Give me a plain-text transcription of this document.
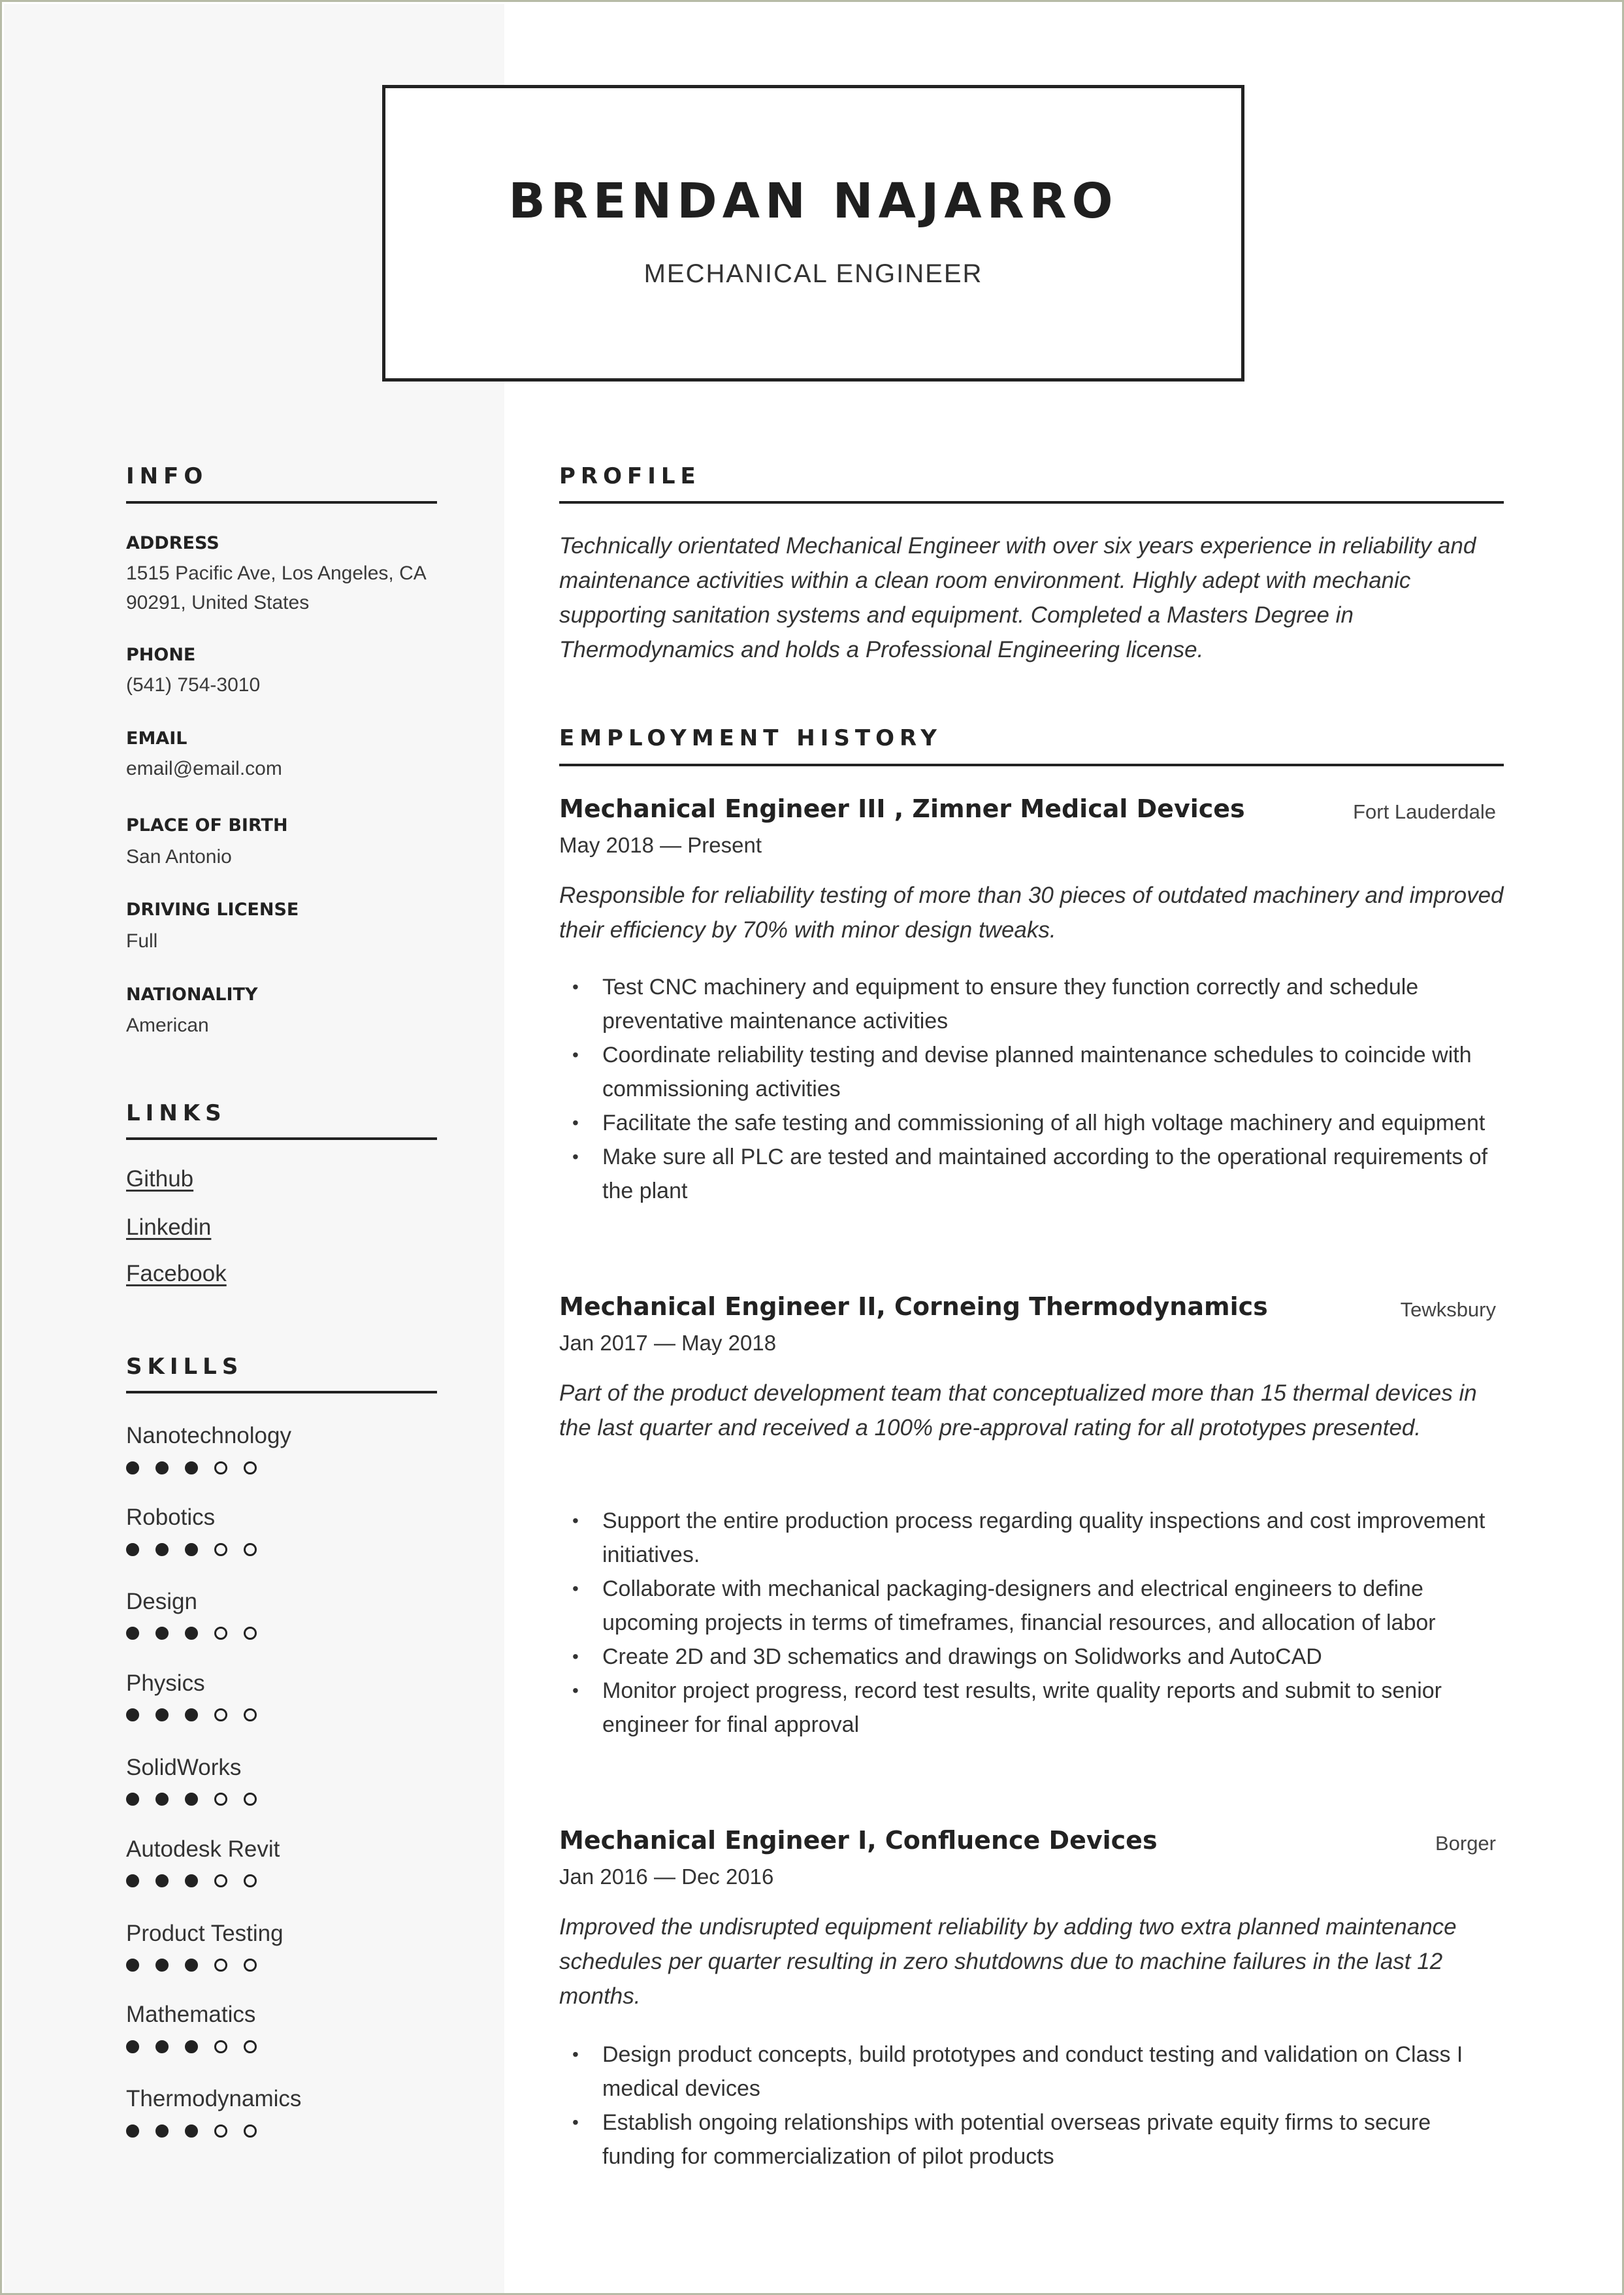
BRENDAN NAJARRO

MECHANICAL ENGINEER

INFO

ADDRESS

1515 Pacific Ave, Los Angeles, CA

90291, United States

PHONE

(541) 754-3010

EMAIL

email@email.com

PLACE OF BIRTH

San Antonio

DRIVING LICENSE

Full

NATIONALITY

American

LINKS

Github
Linkedin
Facebook

SKILLS

Nanotechnology

Robotics

Design

Physics

SolidWorks

Autodesk Revit

Product Testing

Mathematics

Thermodynamics

PROFILE

Technically orientated Mechanical Engineer with over six years experience in reliability and maintenance activities within a clean room environment. Highly adept with mechanic supporting sanitation systems and equipment. Completed a Masters Degree in Thermodynamics and holds a Professional Engineering license.

EMPLOYMENT HISTORY

Mechanical Engineer III , Zimner Medical Devices	Fort Lauderdale

May 2018 — Present

Responsible for reliability testing of more than 30 pieces of outdated machinery and improved their efficiency by 70% with minor design tweaks.

• Test CNC machinery and equipment to ensure they function correctly and schedule preventative maintenance activities
• Coordinate reliability testing and devise planned maintenance schedules to coincide with commissioning activities
• Facilitate the safe testing and commissioning of all high voltage machinery and equipment
• Make sure all PLC are tested and maintained according to the operational requirements of the plant

Mechanical Engineer II, Corneing Thermodynamics	Tewksbury

Jan 2017 — May 2018

Part of the product development team that conceptualized more than 15 thermal devices in the last quarter and received a 100% pre-approval rating for all prototypes presented.

• Support the entire production process regarding quality inspections and cost improvement initiatives.
• Collaborate with mechanical packaging-designers and electrical engineers to define upcoming projects in terms of timeframes, financial resources, and allocation of labor
• Create 2D and 3D schematics and drawings on Solidworks and AutoCAD
• Monitor project progress, record test results, write quality reports and submit to senior engineer for final approval

Mechanical Engineer I, Confluence Devices	Borger

Jan 2016 — Dec 2016

Improved the undisrupted equipment reliability by adding two extra planned maintenance schedules per quarter resulting in zero shutdowns due to machine failures in the last 12 months.

• Design product concepts, build prototypes and conduct testing and validation on Class I medical devices
• Establish ongoing relationships with potential overseas private equity firms to secure funding for commercialization of pilot products
